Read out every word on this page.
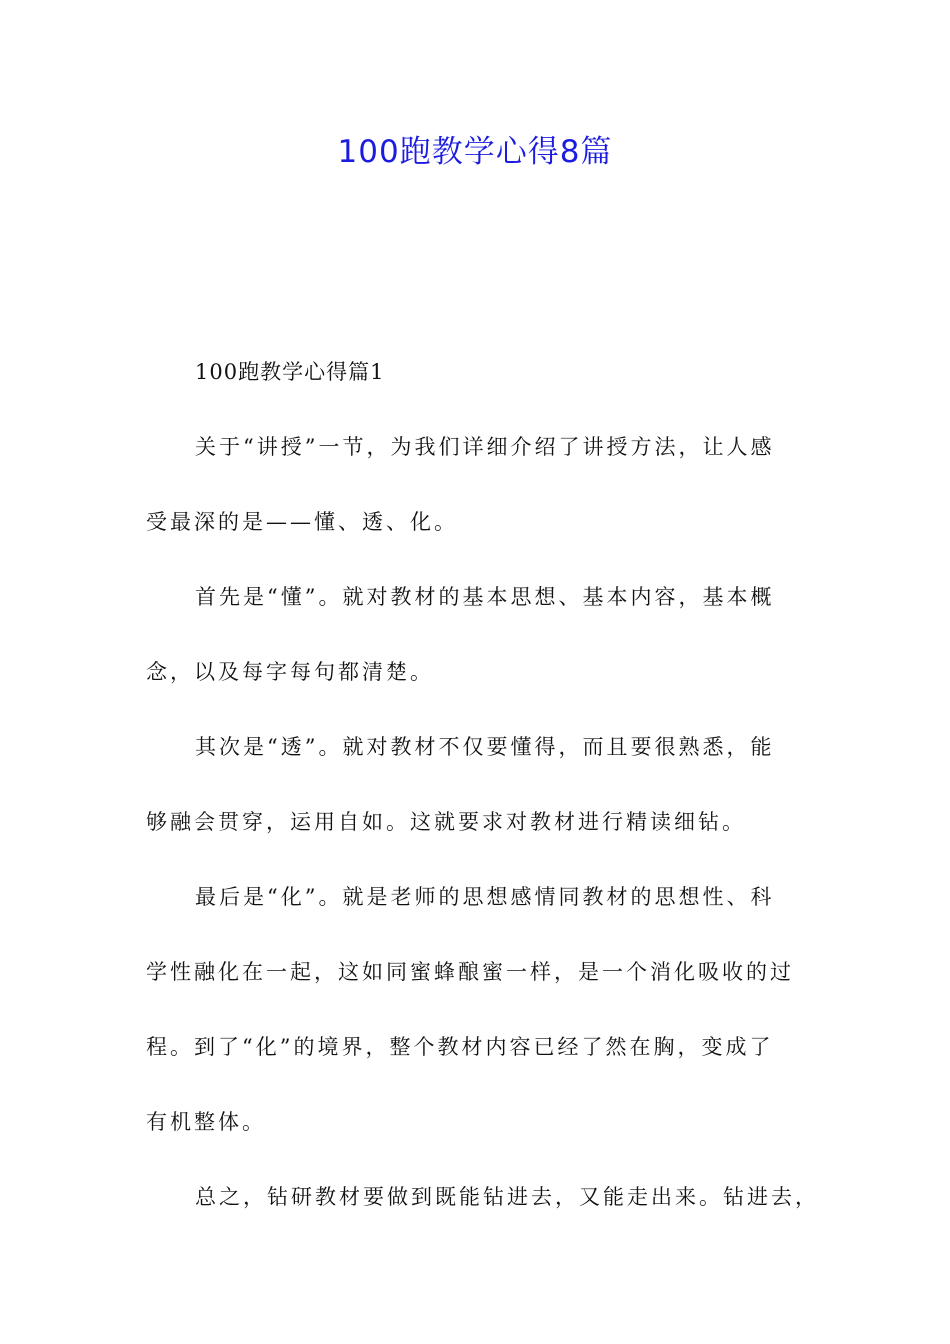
100跑教学心得8篇
100跑教学心得篇1
关于“讲授”一节，为我们详细介绍了讲授方法，让人感
受最深的是——懂、透、化。
首先是“懂”。就对教材的基本思想、基本内容，基本概
念，以及每字每句都清楚。
其次是“透”。就对教材不仅要懂得，而且要很熟悉，能
够融会贯穿，运用自如。这就要求对教材进行精读细钻。
最后是“化”。就是老师的思想感情同教材的思想性、科
学性融化在一起，这如同蜜蜂酿蜜一样，是一个消化吸收的过
程。到了“化”的境界，整个教材内容已经了然在胸，变成了
有机整体。
总之，钻研教材要做到既能钻进去，又能走出来。钻进去，
